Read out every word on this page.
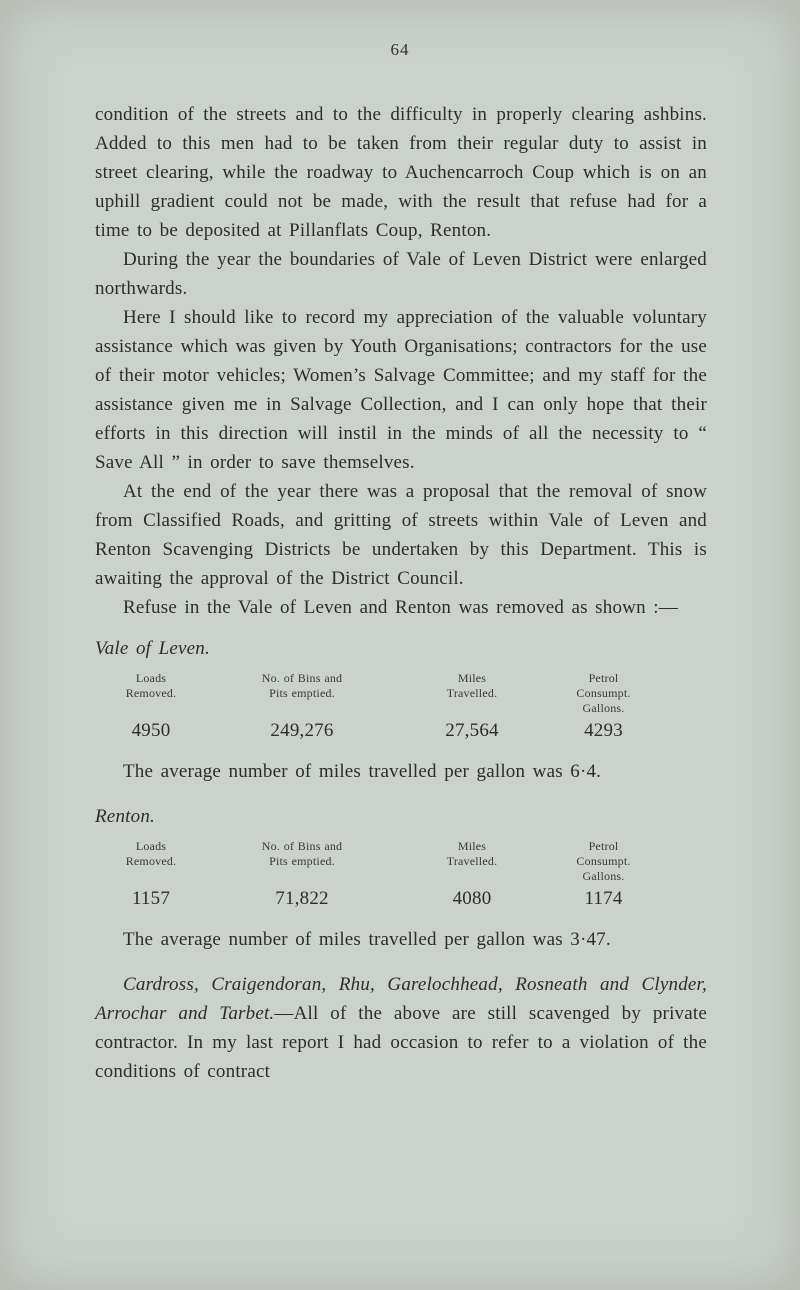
64

condition of the streets and to the difficulty in properly clearing ashbins. Added to this men had to be taken from their regular duty to assist in street clearing, while the roadway to Auchencarroch Coup which is on an uphill gradient could not be made, with the result that refuse had for a time to be deposited at Pillanflats Coup, Renton.

During the year the boundaries of Vale of Leven District were enlarged northwards.

Here I should like to record my appreciation of the valuable voluntary assistance which was given by Youth Organisations; contractors for the use of their motor vehicles; Women’s Salvage Committee; and my staff for the assistance given me in Salvage Collection, and I can only hope that their efforts in this direction will instil in the minds of all the necessity to “ Save All ” in order to save themselves.

At the end of the year there was a proposal that the removal of snow from Classified Roads, and gritting of streets within Vale of Leven and Renton Scavenging Districts be undertaken by this Department. This is awaiting the approval of the District Council.

Refuse in the Vale of Leven and Renton was removed as shown :—

Vale of Leven.

Loads
Removed.
4950
No. of Bins and
Pits emptied.
249,276
Miles
Travelled.
27,564
Petrol
Consumpt.
Gallons.
4293

The average number of miles travelled per gallon was 6·4.

Renton.

Loads
Removed.
1157
No. of Bins and
Pits emptied.
71,822
Miles
Travelled.
4080
Petrol
Consumpt.
Gallons.
1174

The average number of miles travelled per gallon was 3·47.

Cardross, Craigendoran, Rhu, Garelochhead, Rosneath and Clynder, Arrochar and Tarbet.—All of the above are still scavenged by private contractor. In my last report I had occasion to refer to a violation of the conditions of contract
